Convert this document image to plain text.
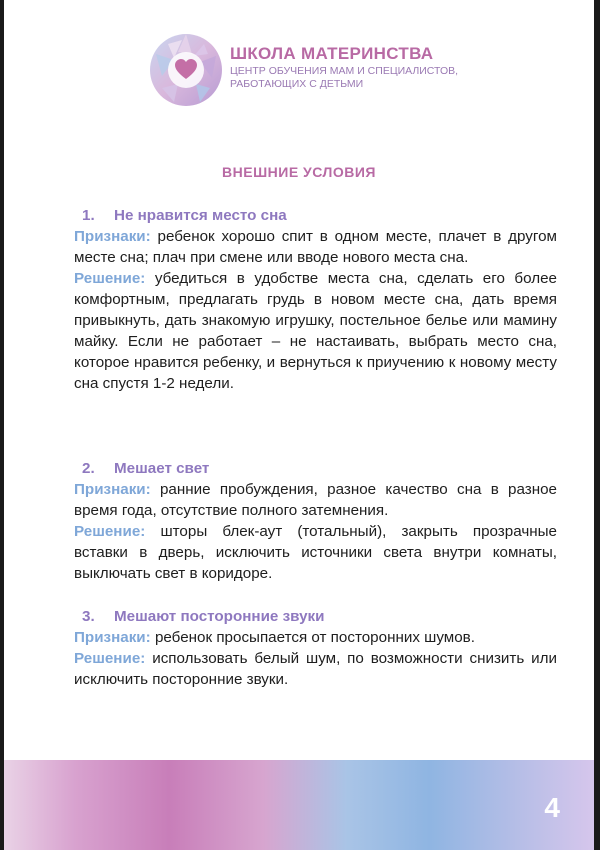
ШКОЛА МАТЕРИНСТВА
ЦЕНТР ОБУЧЕНИЯ МАМ И СПЕЦИАЛИСТОВ, РАБОТАЮЩИХ С ДЕТЬМИ
ВНЕШНИЕ УСЛОВИЯ
1. Не нравится место сна

Признаки: ребенок хорошо спит в одном месте, плачет в другом месте сна; плач при смене или вводе нового места сна.

Решение: убедиться в удобстве места сна, сделать его более комфортным, предлагать грудь в новом месте сна, дать время привыкнуть, дать знакомую игрушку, постельное белье или мамину майку. Если не работает – не настаивать, выбрать место сна, которое нравится ребенку, и вернуться к приучению к новому месту сна спустя 1-2 недели.

2. Мешает свет

Признаки: ранние пробуждения, разное качество сна в разное время года, отсутствие полного затемнения.

Решение: шторы блек-аут (тотальный), закрыть прозрачные вставки в дверь, исключить источники света внутри комнаты, выключать свет в коридоре.

3. Мешают посторонние звуки

Признаки: ребенок просыпается от посторонних шумов.

Решение: использовать белый шум, по возможности снизить или исключить посторонние звуки.

4
